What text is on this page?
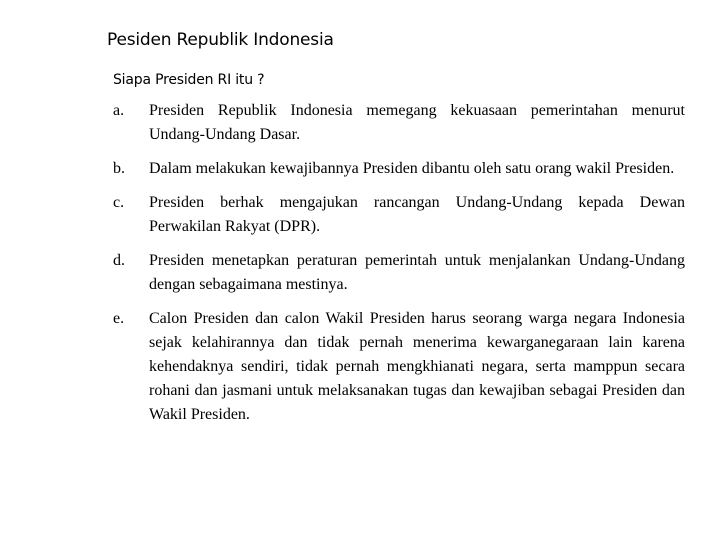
Pesiden Republik Indonesia
Siapa Presiden RI itu ?
a. Presiden Republik Indonesia memegang kekuasaan pemerintahan menurut Undang-Undang Dasar.
b. Dalam melakukan kewajibannya Presiden dibantu oleh satu orang wakil Presiden.
c. Presiden berhak mengajukan rancangan Undang-Undang kepada Dewan Perwakilan Rakyat (DPR).
d. Presiden menetapkan peraturan pemerintah untuk menjalankan Undang-Undang dengan sebagaimana mestinya.
e. Calon Presiden dan calon Wakil Presiden harus seorang warga negara Indonesia sejak kelahirannya dan tidak pernah menerima kewarganegaraan lain karena kehendaknya sendiri, tidak pernah mengkhianati negara, serta mamppun secara rohani dan jasmani untuk melaksanakan tugas dan kewajiban sebagai Presiden dan Wakil Presiden.
